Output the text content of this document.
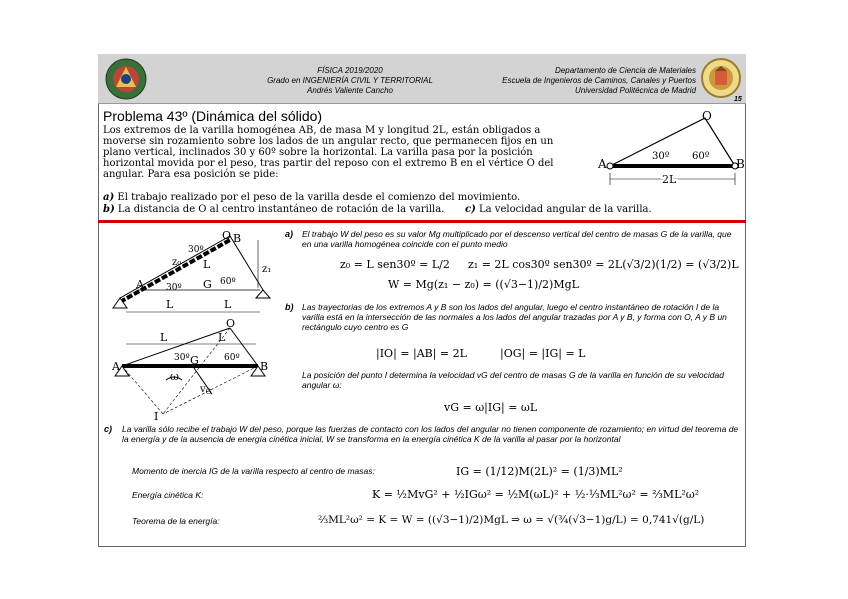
FÍSICA 2019/2020
Grado en INGENIERÍA CIVIL Y TERRITORIAL
Andrés Valiente Cancho
Departamento de Ciencia de Materiales
Escuela de Ingenieros de Caminos, Canales y Puertos
Universidad Politécnica de Madrid
15
Problema 43º (Dinámica del sólido)
Los extremos de la varilla homogénea AB, de masa M y longitud 2L, están obligados a moverse sin rozamiento sobre los lados de un angular recto, que permanecen fijos en un plano vertical, inclinados 30 y 60º sobre la horizontal. La varilla pasa por la posición horizontal movida por el peso, tras partir del reposo con el extremo B en el vértice O del angular. Para esa posición se pide:
a) El trabajo realizado por el peso de la varilla desde el comienzo del movimiento.
b) La distancia de O al centro instantáneo de rotación de la varilla. c) La velocidad angular de la varilla.
A	B
O
30º 60º
2L
O B
A	G
L
z₀
z₁
30º
30º
60º
L	L
O
A	B
G
I
L	L
30º	60º
ω
$v_G$
a) El trabajo W del peso es su valor Mg multiplicado por el descenso vertical del centro de masas G de la varilla, que en una varilla homogénea coincide con el punto medio
z₀ = L sen30º = L/2 z₁ = 2L cos30º sen30º = 2L(√3/2)(1/2) = (√3/2)L
W = Mg(z₁ − z₀) = ((√3−1)/2)MgL
b) Las trayectorias de los extremos A y B son los lados del angular, luego el centro instantáneo de rotación I de la varilla está en la intersección de las normales a los lados del angular trazadas por A y B, y forma con O, A y B un rectángulo cuyo centro es G
|IO| = |AB| = 2L	|OG| = |IG| = L
La posición del punto I determina la velocidad vG del centro de masas G de la varilla en función de su velocidad angular ω:
vG = ω|IG| = ωL
c) La varilla sólo recibe el trabajo W del peso, porque las fuerzas de contacto con los lados del angular no tienen componente de rozamiento; en virtud del teorema de la energía y de la ausencia de energía cinética inicial, W se transforma en la energía cinética K de la varilla al pasar por la horizontal
Momento de inercia IG de la varilla respecto al centro de masas:	IG = (1/12)M(2L)² = (1/3)ML²
Energía cinética K:	K = ½MvG² + ½IGω² = ½M(ωL)² + ½·⅓ML²ω² = ⅔ML²ω²
Teorema de la energía:	⅔ML²ω² = K = W = ((√3−1)/2)MgL ⇒ ω = √(¾(√3−1)g/L) = 0,741√(g/L)
